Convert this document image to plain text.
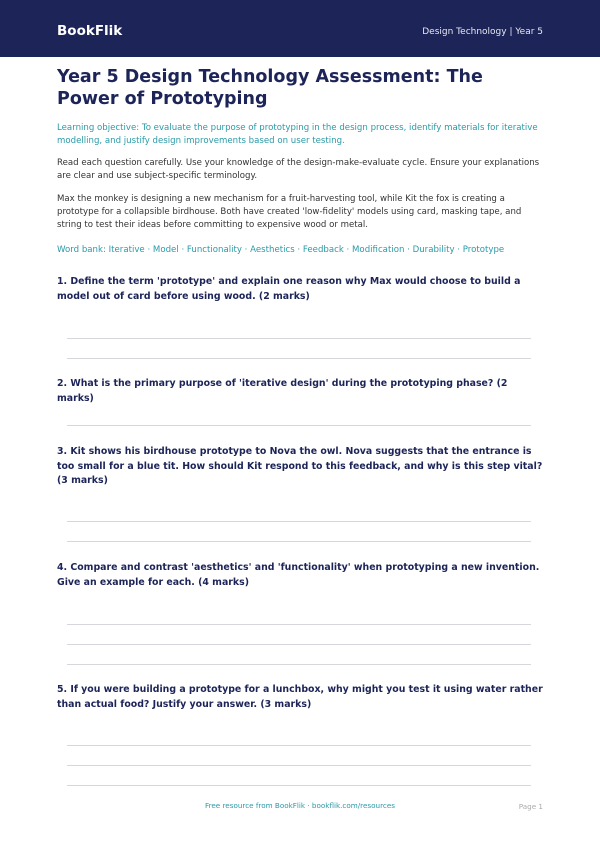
BookFlik	Design Technology | Year 5
Year 5 Design Technology Assessment: The Power of Prototyping

Learning objective: To evaluate the purpose of prototyping in the design process, identify materials for iterative modelling, and justify design improvements based on user testing.

Read each question carefully. Use your knowledge of the design-make-evaluate cycle. Ensure your explanations are clear and use subject-specific terminology.

Max the monkey is designing a new mechanism for a fruit-harvesting tool, while Kit the fox is creating a prototype for a collapsible birdhouse. Both have created 'low-fidelity' models using card, masking tape, and string to test their ideas before committing to expensive wood or metal.

Word bank: Iterative · Model · Functionality · Aesthetics · Feedback · Modification · Durability · Prototype

1. Define the term 'prototype' and explain one reason why Max would choose to build a model out of card before using wood. (2 marks)

2. What is the primary purpose of 'iterative design' during the prototyping phase? (2 marks)

3. Kit shows his birdhouse prototype to Nova the owl. Nova suggests that the entrance is too small for a blue tit. How should Kit respond to this feedback, and why is this step vital? (3 marks)

4. Compare and contrast 'aesthetics' and 'functionality' when prototyping a new invention. Give an example for each. (4 marks)

5. If you were building a prototype for a lunchbox, why might you test it using water rather than actual food? Justify your answer. (3 marks)

Free resource from BookFlik · bookflik.com/resources	Page 1
